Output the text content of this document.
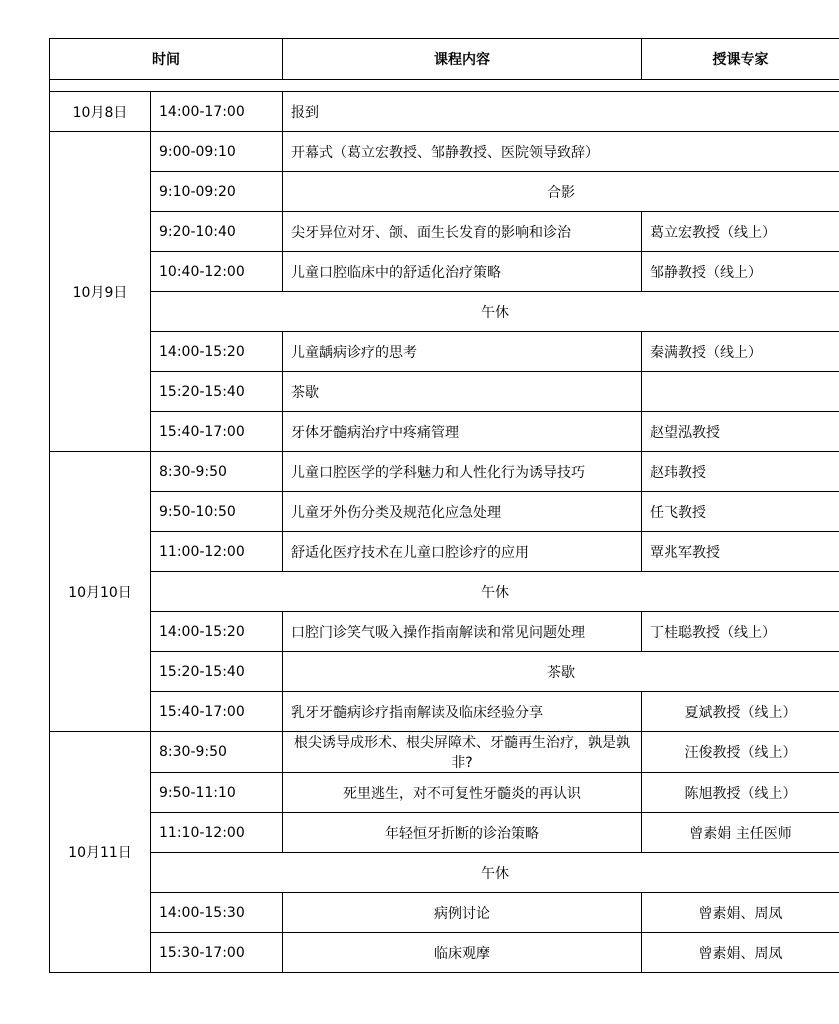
时间		课程内容	授课专家

10月8日	14:00-17:00	报到	
10月9日	9:00-09:10	开幕式（葛立宏教授、邹静教授、医院领导致辞）	
	9:10-09:20	合影	
	9:20-10:40	尖牙异位对牙、颌、面生长发育的影响和诊治	葛立宏教授（线上）
	10:40-12:00	儿童口腔临床中的舒适化治疗策略	邹静教授（线上）
	午休		
	14:00-15:20	儿童龋病诊疗的思考	秦满教授（线上）
	15:20-15:40	茶歇	
	15:40-17:00	牙体牙髓病治疗中疼痛管理	赵望泓教授
10月10日	8:30-9:50	儿童口腔医学的学科魅力和人性化行为诱导技巧	赵玮教授
	9:50-10:50	儿童牙外伤分类及规范化应急处理	任飞教授
	11:00-12:00	舒适化医疗技术在儿童口腔诊疗的应用	覃兆军教授
	午休		
	14:00-15:20	口腔门诊笑气吸入操作指南解读和常见问题处理	丁桂聪教授（线上）
	15:20-15:40	茶歇	
	15:40-17:00	乳牙牙髓病诊疗指南解读及临床经验分享	夏斌教授（线上）
10月11日	8:30-9:50	根尖诱导成形术、根尖屏障术、牙髓再生治疗，孰是孰非?	汪俊教授（线上）
	9:50-11:10	死里逃生，对不可复性牙髓炎的再认识	陈旭教授（线上）
	11:10-12:00	年轻恒牙折断的诊治策略	曾素娟 主任医师
	午休		
	14:00-15:30	病例讨论	曾素娟、周凤
	15:30-17:00	临床观摩	曾素娟、周凤
